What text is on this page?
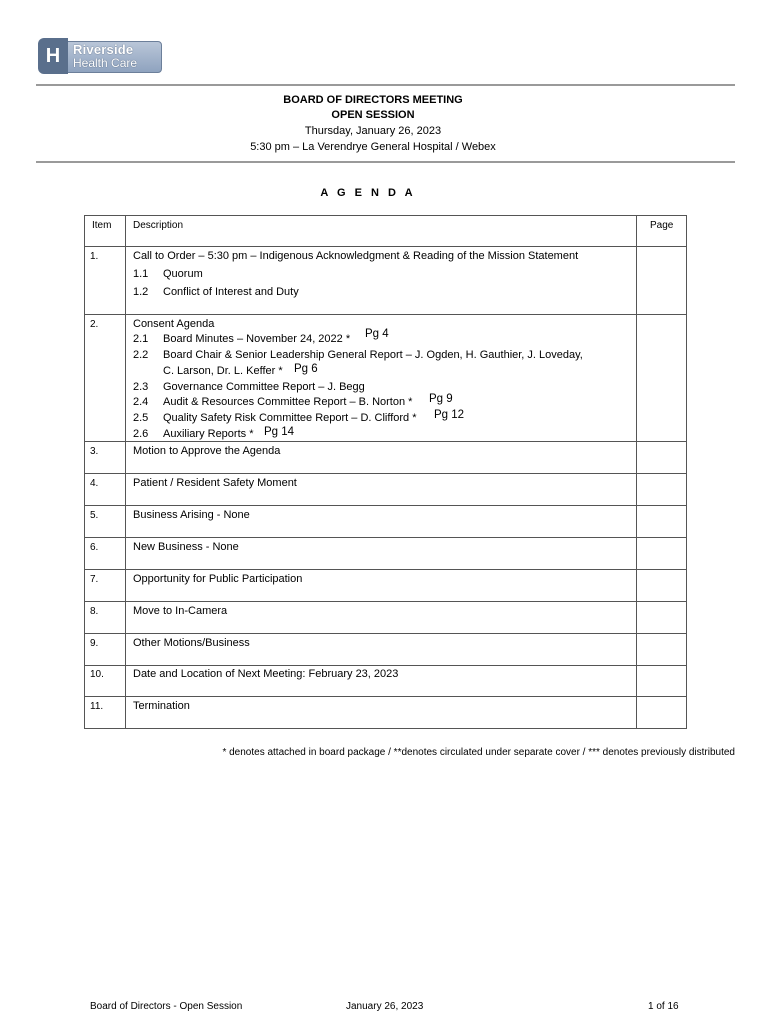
Riverside
Health Care
H
BOARD OF DIRECTORS MEETING
OPEN SESSION
Thursday, January 26, 2023
5:30 pm – La Verendrye General Hospital / Webex
A G E N D A
Item Description	Page
1.	Call to Order – 5:30 pm – Indigenous Acknowledgment & Reading of the Mission Statement
1.1 Quorum
1.2 Conflict of Interest and Duty
2.	Consent Agenda
2.1 Board Minutes – November 24, 2022 * Pg 4
2.2 Board Chair & Senior Leadership General Report – J. Ogden, H. Gauthier, J. Loveday,
C. Larson, Dr. L. Keffer * Pg 6
2.3 Governance Committee Report – J. Begg
2.4 Audit & Resources Committee Report – B. Norton * Pg 9
2.5 Quality Safety Risk Committee Report – D. Clifford * Pg 12
2.6 Auxiliary Reports * Pg 14
3.	Motion to Approve the Agenda
4.	Patient / Resident Safety Moment
5.	Business Arising - None
6.	New Business - None
7.	Opportunity for Public Participation
8.	Move to In-Camera
9.	Other Motions/Business
10.	Date and Location of Next Meeting: February 23, 2023
11.	Termination
* denotes attached in board package / **denotes circulated under separate cover / *** denotes previously distributed
Board of Directors - Open Session	January 26, 2023	1 of 16
